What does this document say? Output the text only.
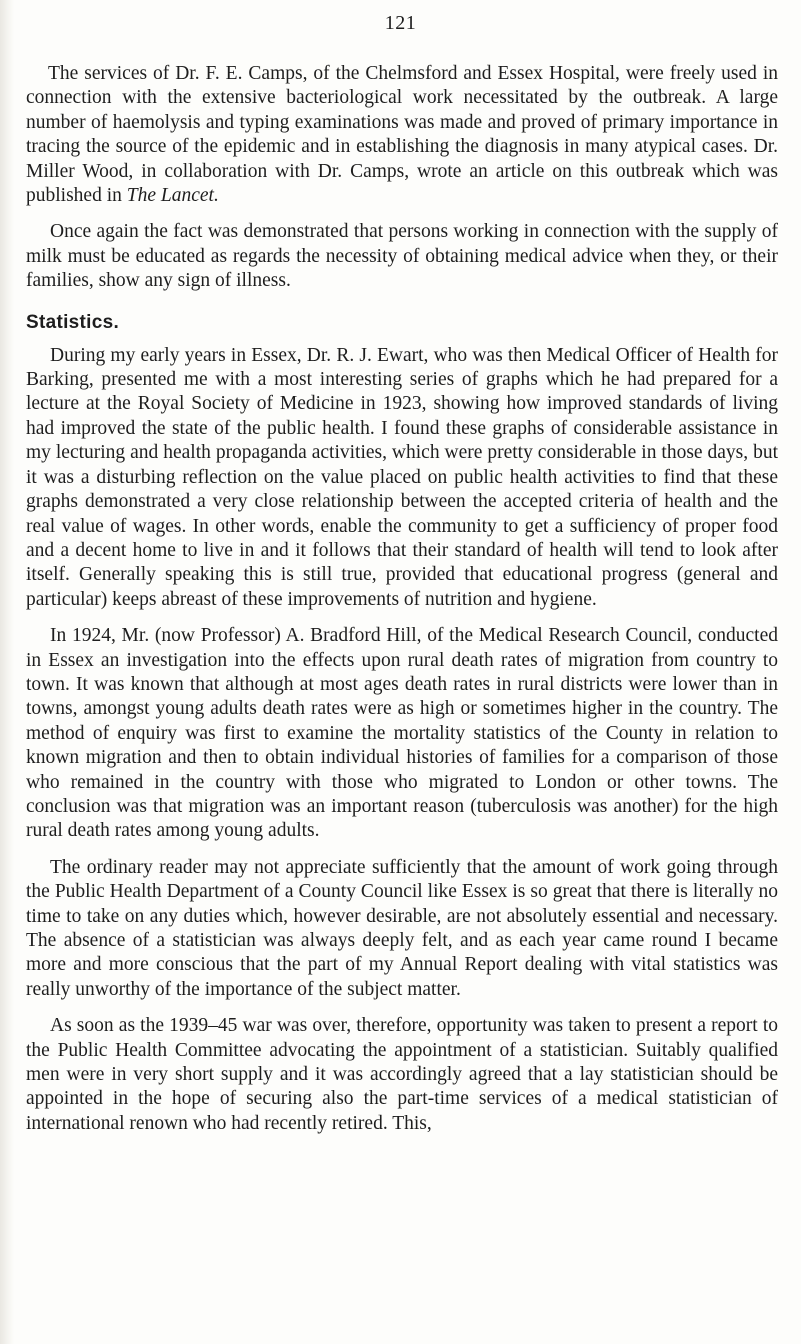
121

The services of Dr. F. E. Camps, of the Chelmsford and Essex Hospital, were freely used in connection with the extensive bacteriological work necessitated by the outbreak. A large number of haemolysis and typing examinations was made and proved of primary importance in tracing the source of the epidemic and in establishing the diagnosis in many atypical cases. Dr. Miller Wood, in collaboration with Dr. Camps, wrote an article on this outbreak which was published in The Lancet.

Once again the fact was demonstrated that persons working in connection with the supply of milk must be educated as regards the necessity of obtaining medical advice when they, or their families, show any sign of illness.

Statistics.

During my early years in Essex, Dr. R. J. Ewart, who was then Medical Officer of Health for Barking, presented me with a most interesting series of graphs which he had prepared for a lecture at the Royal Society of Medicine in 1923, showing how improved standards of living had improved the state of the public health. I found these graphs of considerable assistance in my lecturing and health propaganda activities, which were pretty considerable in those days, but it was a disturbing reflection on the value placed on public health activities to find that these graphs demonstrated a very close relationship between the accepted criteria of health and the real value of wages. In other words, enable the community to get a sufficiency of proper food and a decent home to live in and it follows that their standard of health will tend to look after itself. Generally speaking this is still true, provided that educational progress (general and particular) keeps abreast of these improvements of nutrition and hygiene.

In 1924, Mr. (now Professor) A. Bradford Hill, of the Medical Research Council, conducted in Essex an investigation into the effects upon rural death rates of migration from country to town. It was known that although at most ages death rates in rural districts were lower than in towns, amongst young adults death rates were as high or sometimes higher in the country. The method of enquiry was first to examine the mortality statistics of the County in relation to known migration and then to obtain individual histories of families for a comparison of those who remained in the country with those who migrated to London or other towns. The conclusion was that migration was an important reason (tuberculosis was another) for the high rural death rates among young adults.

The ordinary reader may not appreciate sufficiently that the amount of work going through the Public Health Department of a County Council like Essex is so great that there is literally no time to take on any duties which, however desirable, are not absolutely essential and necessary. The absence of a statistician was always deeply felt, and as each year came round I became more and more conscious that the part of my Annual Report dealing with vital statistics was really unworthy of the importance of the subject matter.

As soon as the 1939–45 war was over, therefore, opportunity was taken to present a report to the Public Health Committee advocating the appointment of a statistician. Suitably qualified men were in very short supply and it was accordingly agreed that a lay statistician should be appointed in the hope of securing also the part-time services of a medical statistician of international renown who had recently retired. This,
